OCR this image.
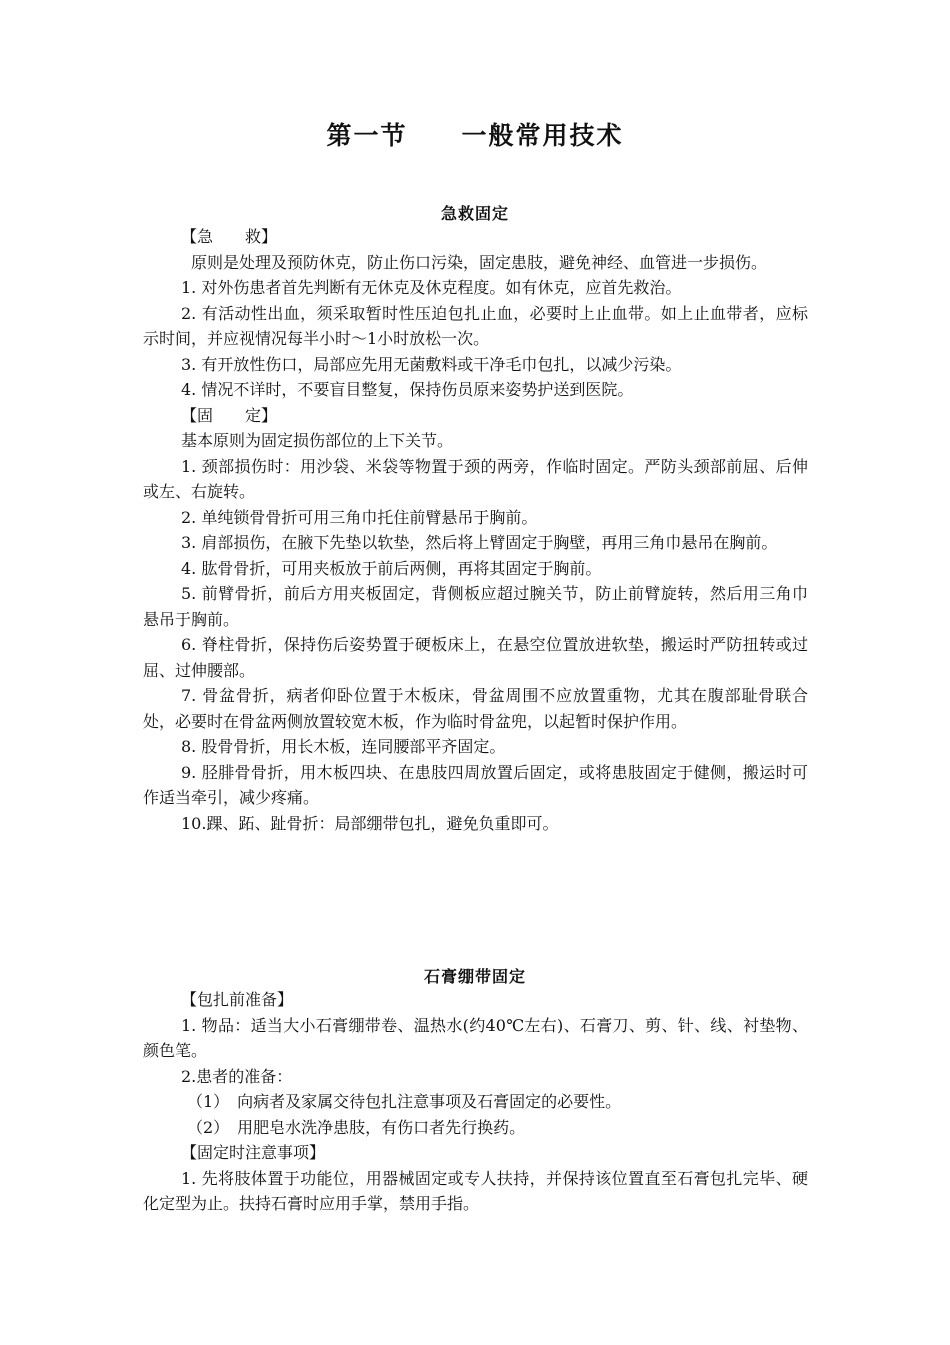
第一节　　一般常用技术
急救固定

【急　　救】

原则是处理及预防休克，防止伤口污染，固定患肢，避免神经、血管进一步损伤。

1. 对外伤患者首先判断有无休克及休克程度。如有休克，应首先救治。

2. 有活动性出血，须采取暂时性压迫包扎止血，必要时上止血带。如上止血带者，应标示时间，并应视情况每半小时～1小时放松一次。

3. 有开放性伤口，局部应先用无菌敷料或干净毛巾包扎，以减少污染。

4. 情况不详时，不要盲目整复，保持伤员原来姿势护送到医院。

【固　　定】

基本原则为固定损伤部位的上下关节。

1. 颈部损伤时：用沙袋、米袋等物置于颈的两旁，作临时固定。严防头颈部前屈、后伸或左、右旋转。

2. 单纯锁骨骨折可用三角巾托住前臂悬吊于胸前。

3. 肩部损伤，在腋下先垫以软垫，然后将上臂固定于胸壁，再用三角巾悬吊在胸前。

4. 肱骨骨折，可用夹板放于前后两侧，再将其固定于胸前。

5. 前臂骨折，前后方用夹板固定，背侧板应超过腕关节，防止前臂旋转，然后用三角巾悬吊于胸前。

6. 脊柱骨折，保持伤后姿势置于硬板床上，在悬空位置放进软垫，搬运时严防扭转或过屈、过伸腰部。

7. 骨盆骨折，病者仰卧位置于木板床，骨盆周围不应放置重物，尤其在腹部耻骨联合处，必要时在骨盆两侧放置较宽木板，作为临时骨盆兜，以起暂时保护作用。

8. 股骨骨折，用长木板，连同腰部平齐固定。

9. 胫腓骨骨折，用木板四块、在患肢四周放置后固定，或将患肢固定于健侧，搬运时可作适当牵引，减少疼痛。

10.踝、跖、趾骨折：局部绷带包扎，避免负重即可。

石膏绷带固定

【包扎前准备】

1. 物品：适当大小石膏绷带卷、温热水(约40℃左右)、石膏刀、剪、针、线、衬垫物、颜色笔。

2.患者的准备：

（1）　向病者及家属交待包扎注意事项及石膏固定的必要性。

（2）　用肥皂水洗净患肢，有伤口者先行换药。

【固定时注意事项】

1. 先将肢体置于功能位，用器械固定或专人扶持，并保持该位置直至石膏包扎完毕、硬化定型为止。扶持石膏时应用手掌，禁用手指。
